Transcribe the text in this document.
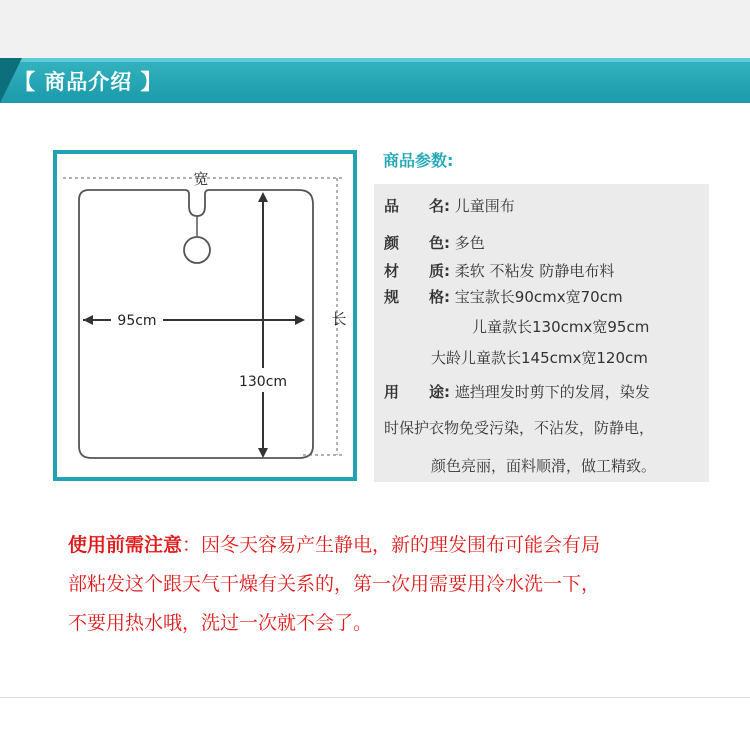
【 商品介绍 】
宽
长
95cm
130cm
商品参数:
品　　名: 儿童围布
颜　　色: 多色
材　　质: 柔软 不粘发 防静电布料
规　　格: 宝宝款长90cmx宽70cm
儿童款长130cmx宽95cm
大龄儿童款长145cmx宽120cm
用　　途: 遮挡理发时剪下的发屑，染发
时保护衣物免受污染，不沾发，防静电，
颜色亮丽，面料顺滑，做工精致。
使用前需注意：因冬天容易产生静电，新的理发围布可能会有局
部粘发这个跟天气干燥有关系的，第一次用需要用冷水洗一下，
不要用热水哦，洗过一次就不会了。
